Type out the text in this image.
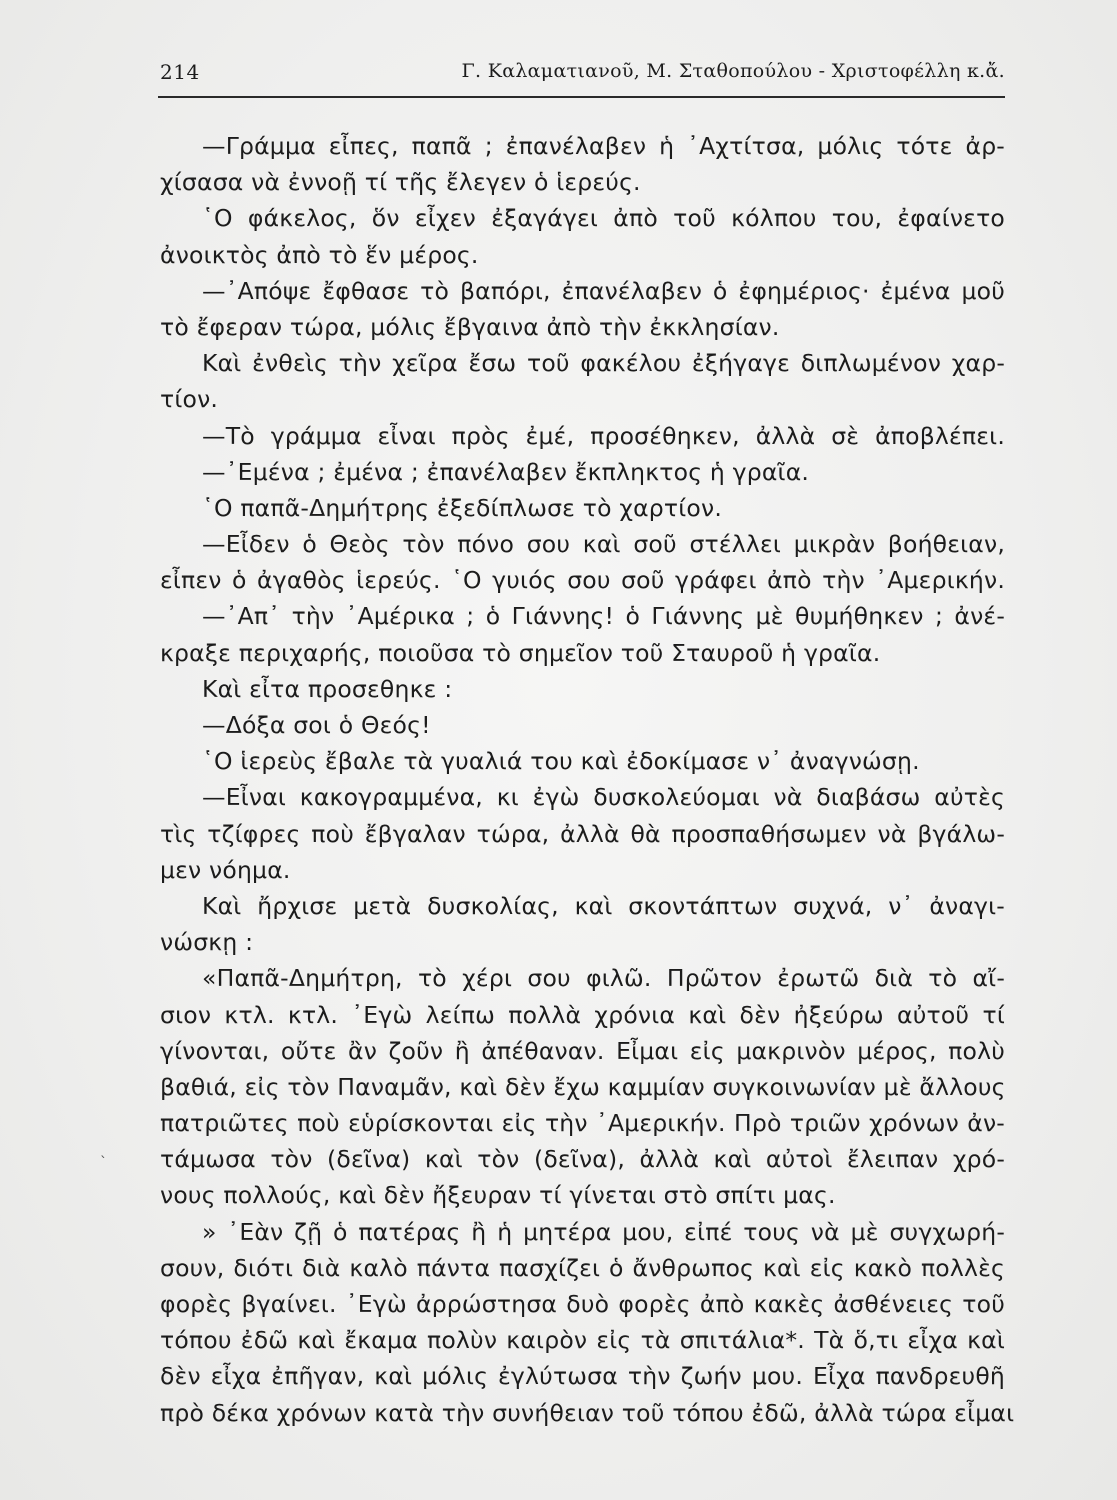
214	Γ. Καλαματιανοῦ, Μ. Σταθοπούλου - Χριστοφέλλη κ.ἄ.
—Γράμμα εἶπες, παπᾶ ; ἐπανέλαβεν ἡ ᾿Αχτίτσα, μόλις τότε ἀρ-
χίσασα νὰ ἐννοῇ τί τῆς ἔλεγεν ὁ ἱερεύς.
῾Ο φάκελος, ὅν εἶχεν ἐξαγάγει ἀπὸ τοῦ κόλπου του, ἐφαίνετο
ἀνοικτὸς ἀπὸ τὸ ἕν μέρος.
—᾿Απόψε ἔφθασε τὸ βαπόρι, ἐπανέλαβεν ὁ ἐφημέριος· ἐμένα μοῦ
τὸ ἔφεραν τώρα, μόλις ἔβγαινα ἀπὸ τὴν ἐκκλησίαν.
Καὶ ἐνθεὶς τὴν χεῖρα ἔσω τοῦ φακέλου ἐξήγαγε διπλωμένον χαρ-
τίον.
—Τὸ γράμμα εἶναι πρὸς ἐμέ, προσέθηκεν, ἀλλὰ σὲ ἀποβλέπει.
—᾿Εμένα ; ἐμένα ; ἐπανέλαβεν ἔκπληκτος ἡ γραῖα.
῾Ο παπᾶ-Δημήτρης ἐξεδίπλωσε τὸ χαρτίον.
—Εἶδεν ὁ Θεὸς τὸν πόνο σου καὶ σοῦ στέλλει μικρὰν βοήθειαν,
εἶπεν ὁ ἀγαθὸς ἱερεύς. ῾Ο γυιός σου σοῦ γράφει ἀπὸ τὴν ᾿Αμερικήν.
—᾿Απ᾿ τὴν ᾿Αμέρικα ; ὁ Γιάννης! ὁ Γιάννης μὲ θυμήθηκεν ; ἀνέ-
κραξε περιχαρής, ποιοῦσα τὸ σημεῖον τοῦ Σταυροῦ ἡ γραῖα.
Καὶ εἶτα προσεθηκε :
—Δόξα σοι ὁ Θεός!
῾Ο ἱερεὺς ἔβαλε τὰ γυαλιά του καὶ ἐδοκίμασε ν᾿ ἀναγνώσῃ.
—Εἶναι κακογραμμένα, κι ἐγὼ δυσκολεύομαι νὰ διαβάσω αὐτὲς
τὶς τζίφρες ποὺ ἔβγαλαν τώρα, ἀλλὰ θὰ προσπαθήσωμεν νὰ βγάλω-
μεν νόημα.
Καὶ ἤρχισε μετὰ δυσκολίας, καὶ σκοντάπτων συχνά, ν᾿ ἀναγι-
νώσκῃ :
«Παπᾶ-Δημήτρη, τὸ χέρι σου φιλῶ. Πρῶτον ἐρωτῶ διὰ τὸ αἴ-
σιον κτλ. κτλ. ᾿Εγὼ λείπω πολλὰ χρόνια καὶ δὲν ἠξεύρω αὐτοῦ τί
γίνονται, οὔτε ἂν ζοῦν ἢ ἀπέθαναν. Εἶμαι εἰς μακρινὸν μέρος, πολὺ
βαθιά, εἰς τὸν Παναμᾶν, καὶ δὲν ἔχω καμμίαν συγκοινωνίαν μὲ ἄλλους
πατριῶτες ποὺ εὑρίσκονται εἰς τὴν ᾿Αμερικήν. Πρὸ τριῶν χρόνων ἀν-
τάμωσα τὸν (δεῖνα) καὶ τὸν (δεῖνα), ἀλλὰ καὶ αὐτοὶ ἔλειπαν χρό-
νους πολλούς, καὶ δὲν ἤξευραν τί γίνεται στὸ σπίτι μας.
» ᾿Εὰν ζῇ ὁ πατέρας ἢ ἡ μητέρα μου, εἰπέ τους νὰ μὲ συγχωρή-
σουν, διότι διὰ καλὸ πάντα πασχίζει ὁ ἄνθρωπος καὶ εἰς κακὸ πολλὲς
φορὲς βγαίνει. ᾿Εγὼ ἀρρώστησα δυὸ φορὲς ἀπὸ κακὲς ἀσθένειες τοῦ
τόπου ἐδῶ καὶ ἔκαμα πολὺν καιρὸν εἰς τὰ σπιτάλια*. Τὰ ὅ,τι εἶχα καὶ
δὲν εἶχα ἐπῆγαν, καὶ μόλις ἐγλύτωσα τὴν ζωήν μου. Εἶχα πανδρευθῆ
πρὸ δέκα χρόνων κατὰ τὴν συνήθειαν τοῦ τόπου ἐδῶ, ἀλλὰ τώρα εἶμαι
`
